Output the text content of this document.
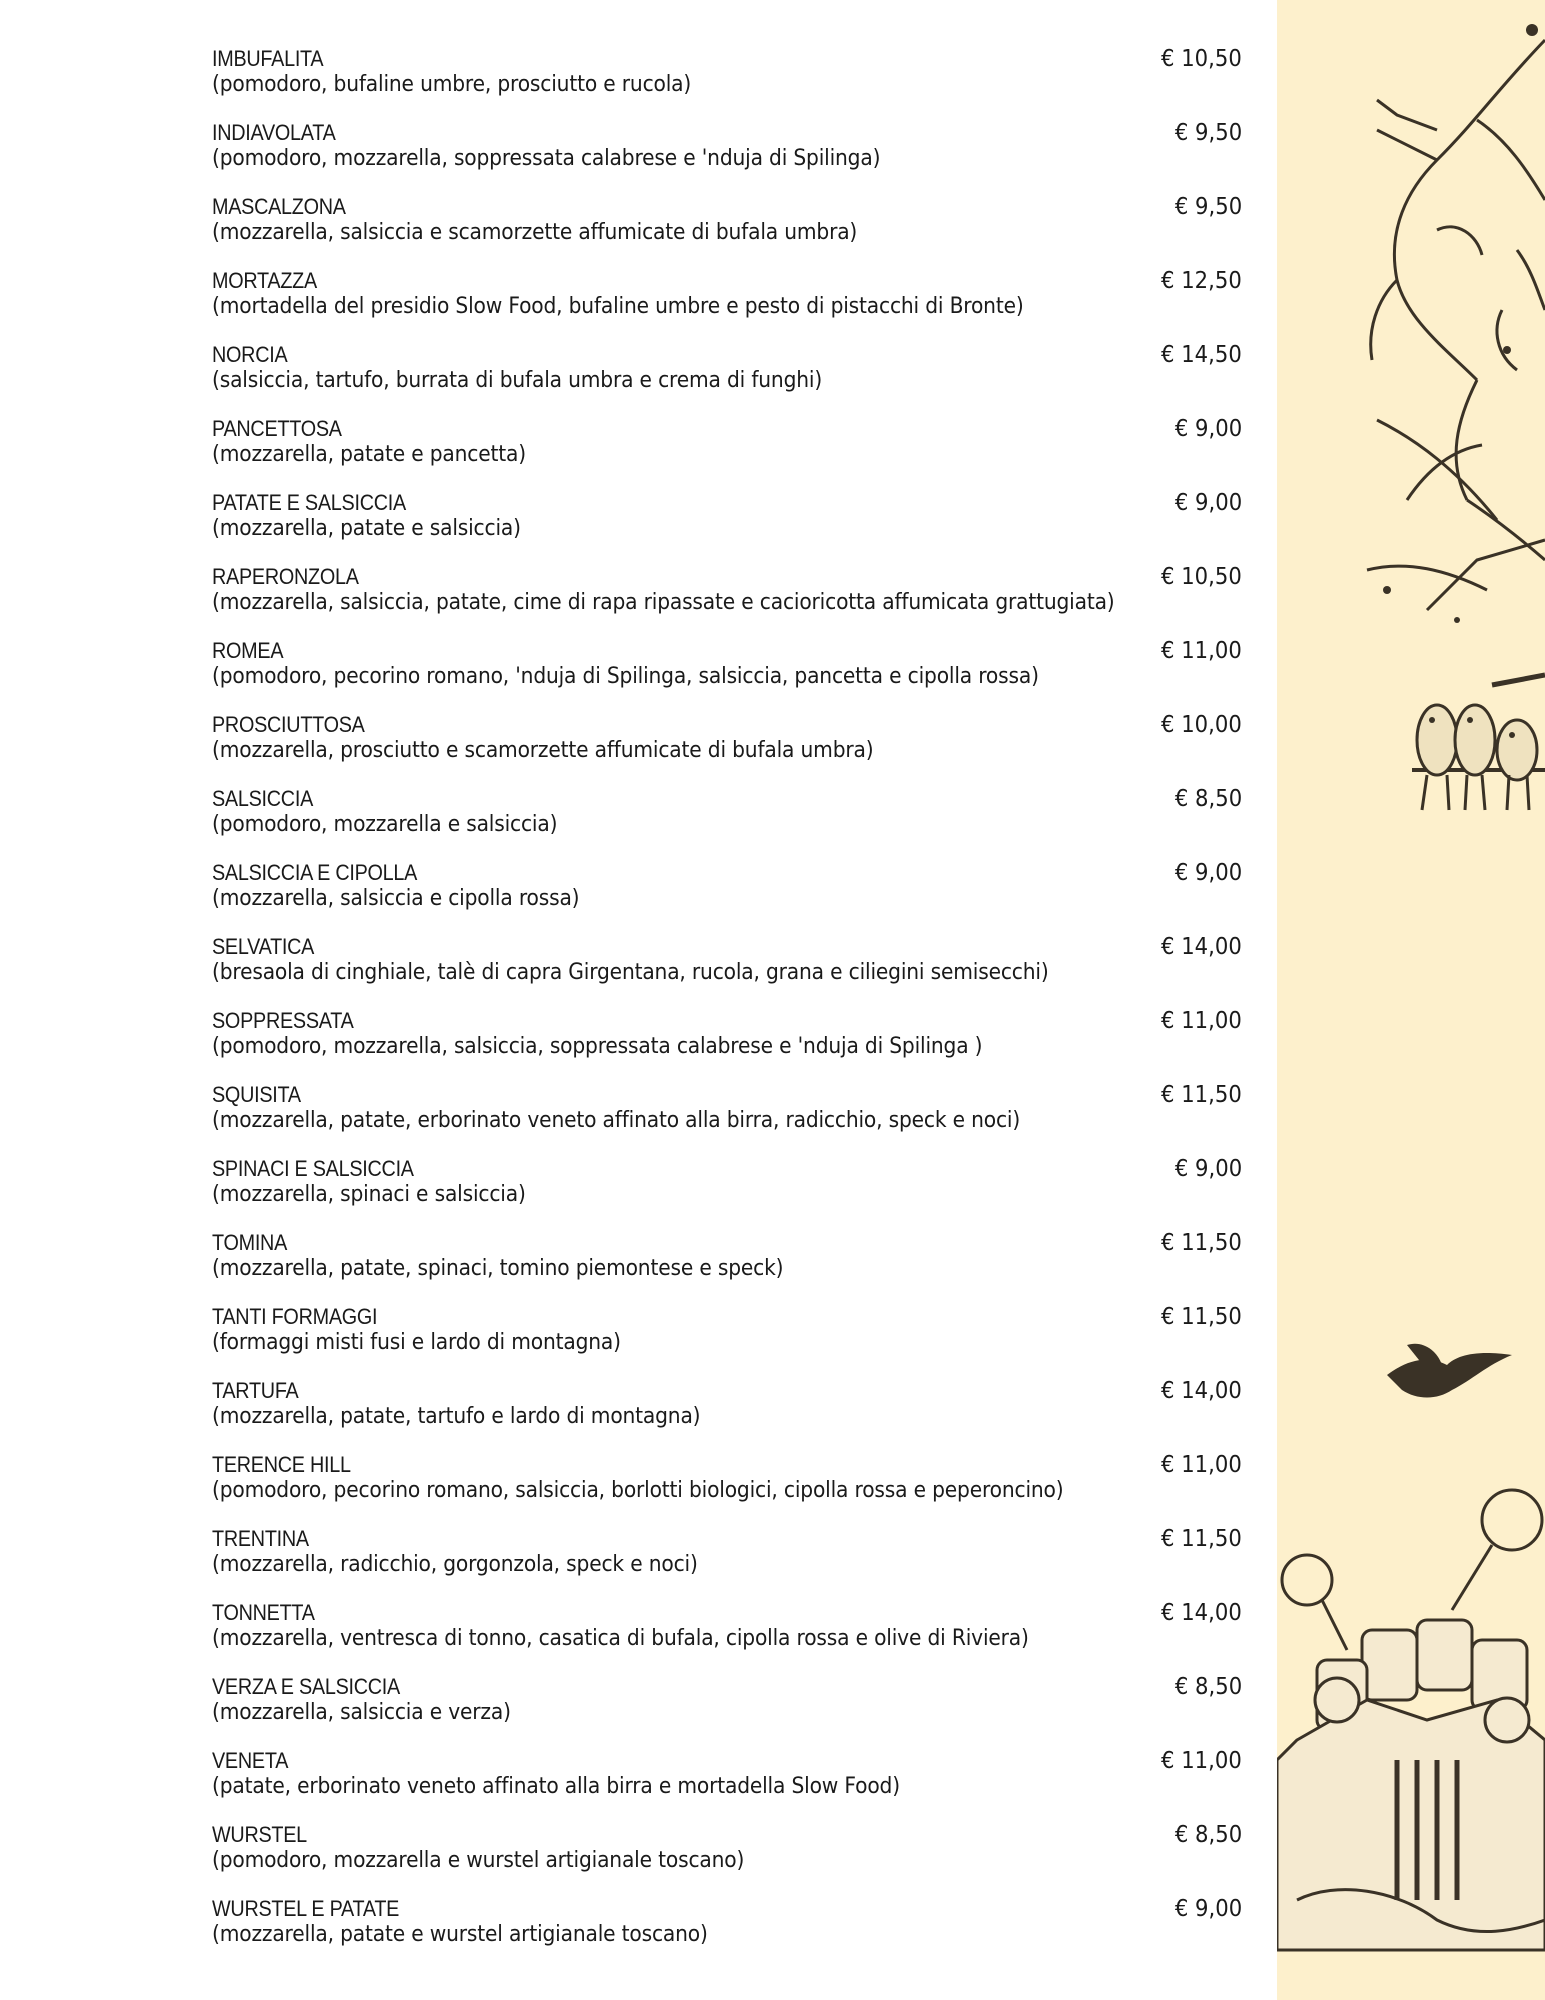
IMBUFALITA
(pomodoro, bufaline umbre, prosciutto e rucola)
€ 10,50
INDIAVOLATA
(pomodoro, mozzarella, soppressata calabrese e 'nduja di Spilinga)
€ 9,50
MASCALZONA
(mozzarella, salsiccia e scamorzette affumicate di bufala umbra)
€ 9,50
MORTAZZA
(mortadella del presidio Slow Food, bufaline umbre e pesto di pistacchi di Bronte)
€ 12,50
NORCIA
(salsiccia, tartufo, burrata di bufala umbra e crema di funghi)
€ 14,50
PANCETTOSA
(mozzarella, patate e pancetta)
€ 9,00
PATATE E SALSICCIA
(mozzarella, patate e salsiccia)
€ 9,00
RAPERONZOLA
(mozzarella, salsiccia, patate, cime di rapa ripassate e cacioricotta affumicata grattugiata)
€ 10,50
ROMEA
(pomodoro, pecorino romano, 'nduja di Spilinga, salsiccia, pancetta e cipolla rossa)
€ 11,00
PROSCIUTTOSA
(mozzarella, prosciutto e scamorzette affumicate di bufala umbra)
€ 10,00
SALSICCIA
(pomodoro, mozzarella e salsiccia)
€ 8,50
SALSICCIA E CIPOLLA
(mozzarella, salsiccia e cipolla rossa)
€ 9,00
SELVATICA
(bresaola di cinghiale, talè di capra Girgentana, rucola, grana e ciliegini semisecchi)
€ 14,00
SOPPRESSATA
(pomodoro, mozzarella, salsiccia, soppressata calabrese e 'nduja di Spilinga )
€ 11,00
SQUISITA
(mozzarella, patate, erborinato veneto affinato alla birra, radicchio, speck e noci)
€ 11,50
SPINACI E SALSICCIA
(mozzarella, spinaci e salsiccia)
€ 9,00
TOMINA
(mozzarella, patate, spinaci, tomino piemontese e speck)
€ 11,50
TANTI FORMAGGI
(formaggi misti fusi e lardo di montagna)
€ 11,50
TARTUFA
(mozzarella, patate, tartufo e lardo di montagna)
€ 14,00
TERENCE HILL
(pomodoro, pecorino romano, salsiccia, borlotti biologici, cipolla rossa e peperoncino)
€ 11,00
TRENTINA
(mozzarella, radicchio, gorgonzola, speck e noci)
€ 11,50
TONNETTA
(mozzarella, ventresca di tonno, casatica di bufala, cipolla rossa e olive di Riviera)
€ 14,00
VERZA E SALSICCIA
(mozzarella, salsiccia e verza)
€ 8,50
VENETA
(patate, erborinato veneto affinato alla birra e mortadella Slow Food)
€ 11,00
WURSTEL
(pomodoro, mozzarella e wurstel artigianale toscano)
€ 8,50
WURSTEL E PATATE
(mozzarella, patate e wurstel artigianale toscano)
€ 9,00
